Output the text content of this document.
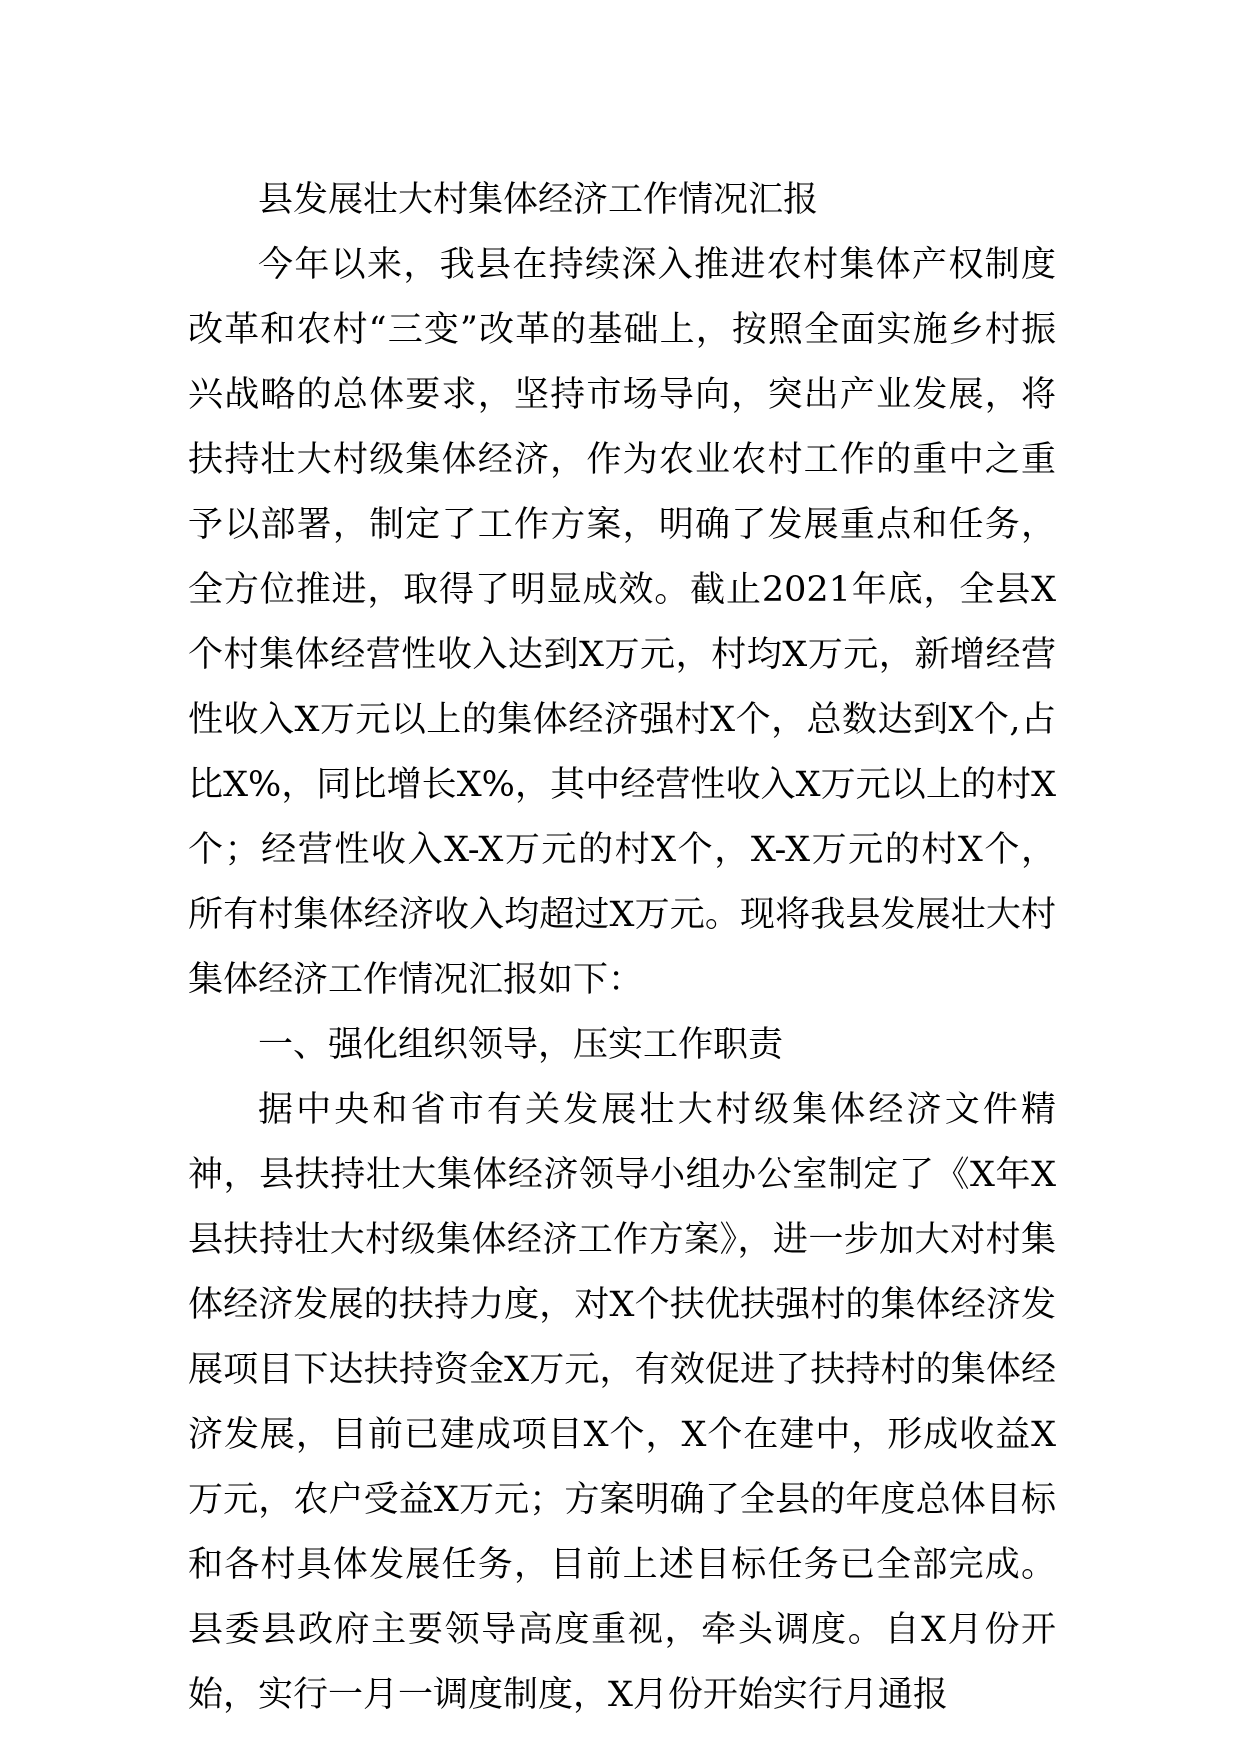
县发展壮大村集体经济工作情况汇报

今年以来，我县在持续深入推进农村集体产权制度改革和农村“三变”改革的基础上，按照全面实施乡村振兴战略的总体要求，坚持市场导向，突出产业发展，将扶持壮大村级集体经济，作为农业农村工作的重中之重予以部署，制定了工作方案，明确了发展重点和任务，全方位推进，取得了明显成效。截止2021年底，全县X个村集体经营性收入达到X万元，村均X万元，新增经营性收入X万元以上的集体经济强村X个，总数达到X个,占比X%，同比增长X%，其中经营性收入X万元以上的村X个；经营性收入X-X万元的村X个，X-X万元的村X个，所有村集体经济收入均超过X万元。现将我县发展壮大村集体经济工作情况汇报如下：

一、强化组织领导，压实工作职责

据中央和省市有关发展壮大村级集体经济文件精神，县扶持壮大集体经济领导小组办公室制定了《X年X县扶持壮大村级集体经济工作方案》，进一步加大对村集体经济发展的扶持力度，对X个扶优扶强村的集体经济发展项目下达扶持资金X万元，有效促进了扶持村的集体经济发展，目前已建成项目X个，X个在建中，形成收益X万元，农户受益X万元；方案明确了全县的年度总体目标和各村具体发展任务，目前上述目标任务已全部完成。县委县政府主要领导高度重视，牵头调度。自X月份开始，实行一月一调度制度，X月份开始实行月通报
